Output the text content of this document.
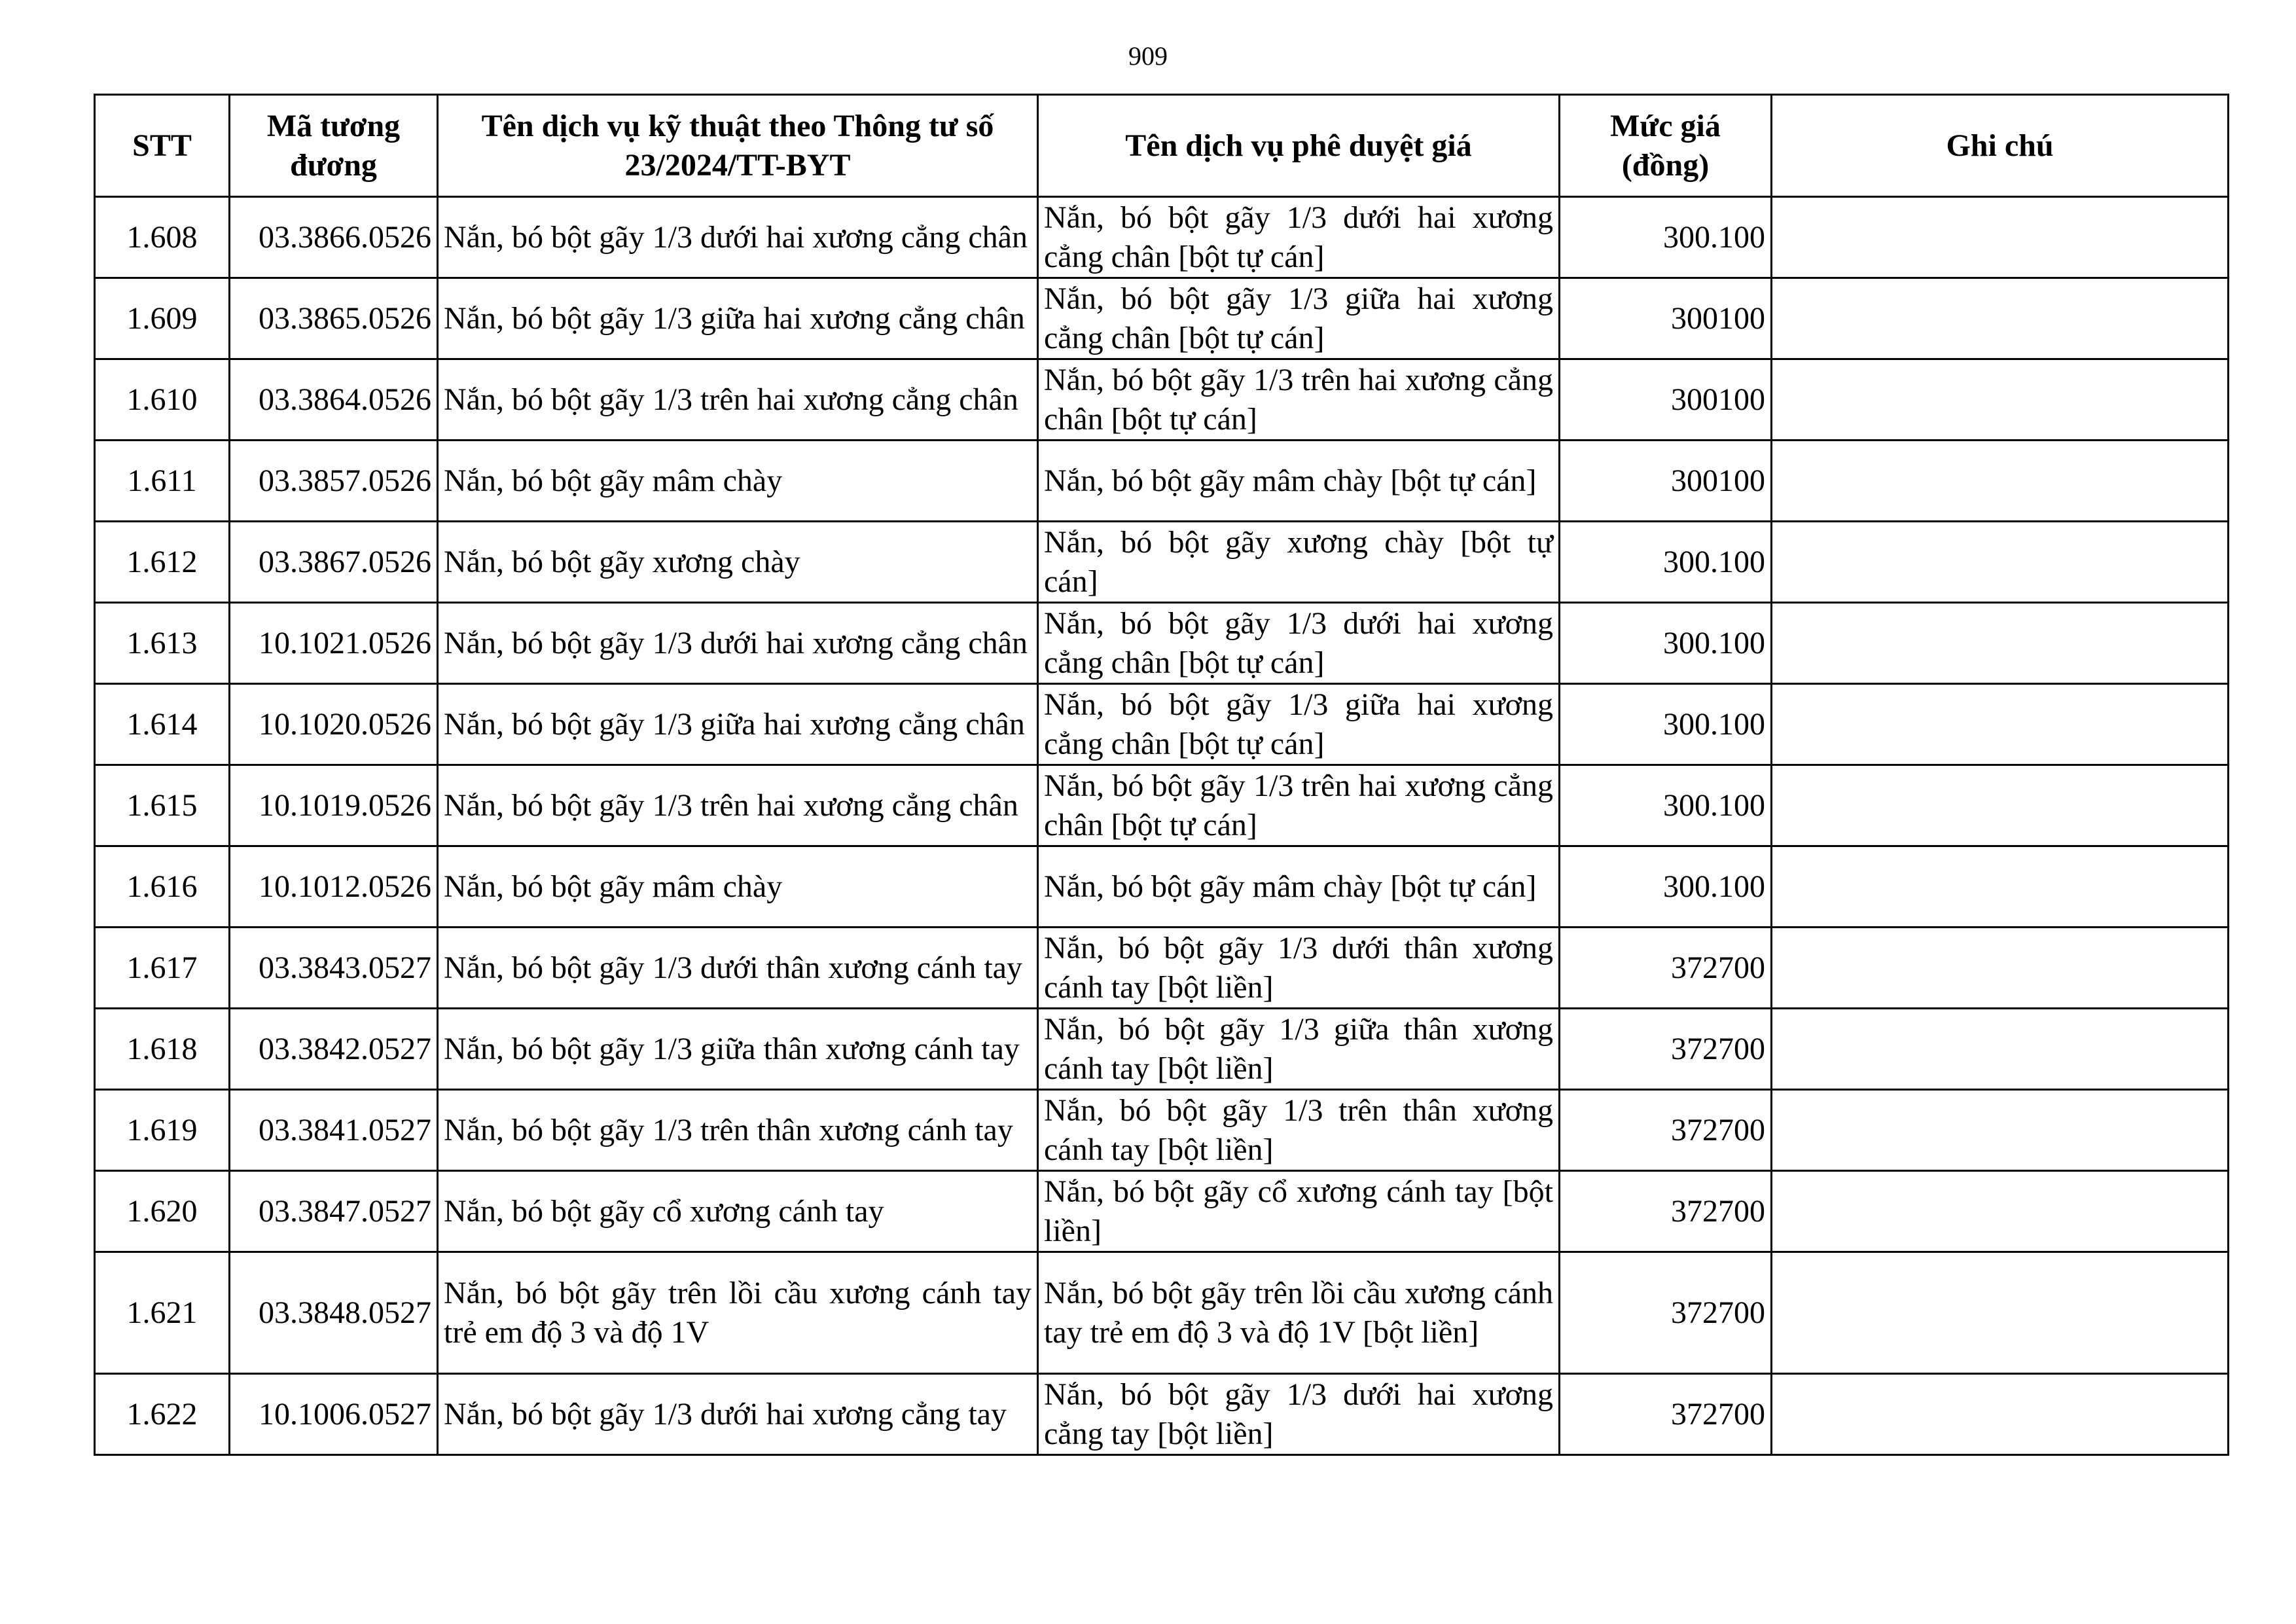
909
STT	Mã tương đương	Tên dịch vụ kỹ thuật theo Thông tư số 23/2024/TT-BYT	Tên dịch vụ phê duyệt giá	Mức giá (đồng)	Ghi chú
1.608	03.3866.0526	Nắn, bó bột gãy 1/3 dưới hai xương cẳng chân	Nắn, bó bột gãy 1/3 dưới hai xương cẳng chân [bột tự cán]	300.100	
1.609	03.3865.0526	Nắn, bó bột gãy 1/3 giữa hai xương cẳng chân	Nắn, bó bột gãy 1/3 giữa hai xương cẳng chân [bột tự cán]	300100	
1.610	03.3864.0526	Nắn, bó bột gãy 1/3 trên hai xương cẳng chân	Nắn, bó bột gãy 1/3 trên hai xương cẳng chân [bột tự cán]	300100	
1.611	03.3857.0526	Nắn, bó bột gãy mâm chày	Nắn, bó bột gãy mâm chày [bột tự cán]	300100	
1.612	03.3867.0526	Nắn, bó bột gãy xương chày	Nắn, bó bột gãy xương chày [bột tự cán]	300.100	
1.613	10.1021.0526	Nắn, bó bột gãy 1/3 dưới hai xương cẳng chân	Nắn, bó bột gãy 1/3 dưới hai xương cẳng chân [bột tự cán]	300.100	
1.614	10.1020.0526	Nắn, bó bột gãy 1/3 giữa hai xương cẳng chân	Nắn, bó bột gãy 1/3 giữa hai xương cẳng chân [bột tự cán]	300.100	
1.615	10.1019.0526	Nắn, bó bột gãy 1/3 trên hai xương cẳng chân	Nắn, bó bột gãy 1/3 trên hai xương cẳng chân [bột tự cán]	300.100	
1.616	10.1012.0526	Nắn, bó bột gãy mâm chày	Nắn, bó bột gãy mâm chày [bột tự cán]	300.100	
1.617	03.3843.0527	Nắn, bó bột gãy 1/3 dưới thân xương cánh tay	Nắn, bó bột gãy 1/3 dưới thân xương cánh tay [bột liền]	372700	
1.618	03.3842.0527	Nắn, bó bột gãy 1/3 giữa thân xương cánh tay	Nắn, bó bột gãy 1/3 giữa thân xương cánh tay [bột liền]	372700	
1.619	03.3841.0527	Nắn, bó bột gãy 1/3 trên thân xương cánh tay	Nắn, bó bột gãy 1/3 trên thân xương cánh tay [bột liền]	372700	
1.620	03.3847.0527	Nắn, bó bột gãy cổ xương cánh tay	Nắn, bó bột gãy cổ xương cánh tay [bột liền]	372700	
1.621	03.3848.0527	Nắn, bó bột gãy trên lồi cầu xương cánh tay trẻ em độ 3 và độ 1V	Nắn, bó bột gãy trên lồi cầu xương cánh tay trẻ em độ 3 và độ 1V [bột liền]	372700	
1.622	10.1006.0527	Nắn, bó bột gãy 1/3 dưới hai xương cẳng tay	Nắn, bó bột gãy 1/3 dưới hai xương cẳng tay [bột liền]	372700	
